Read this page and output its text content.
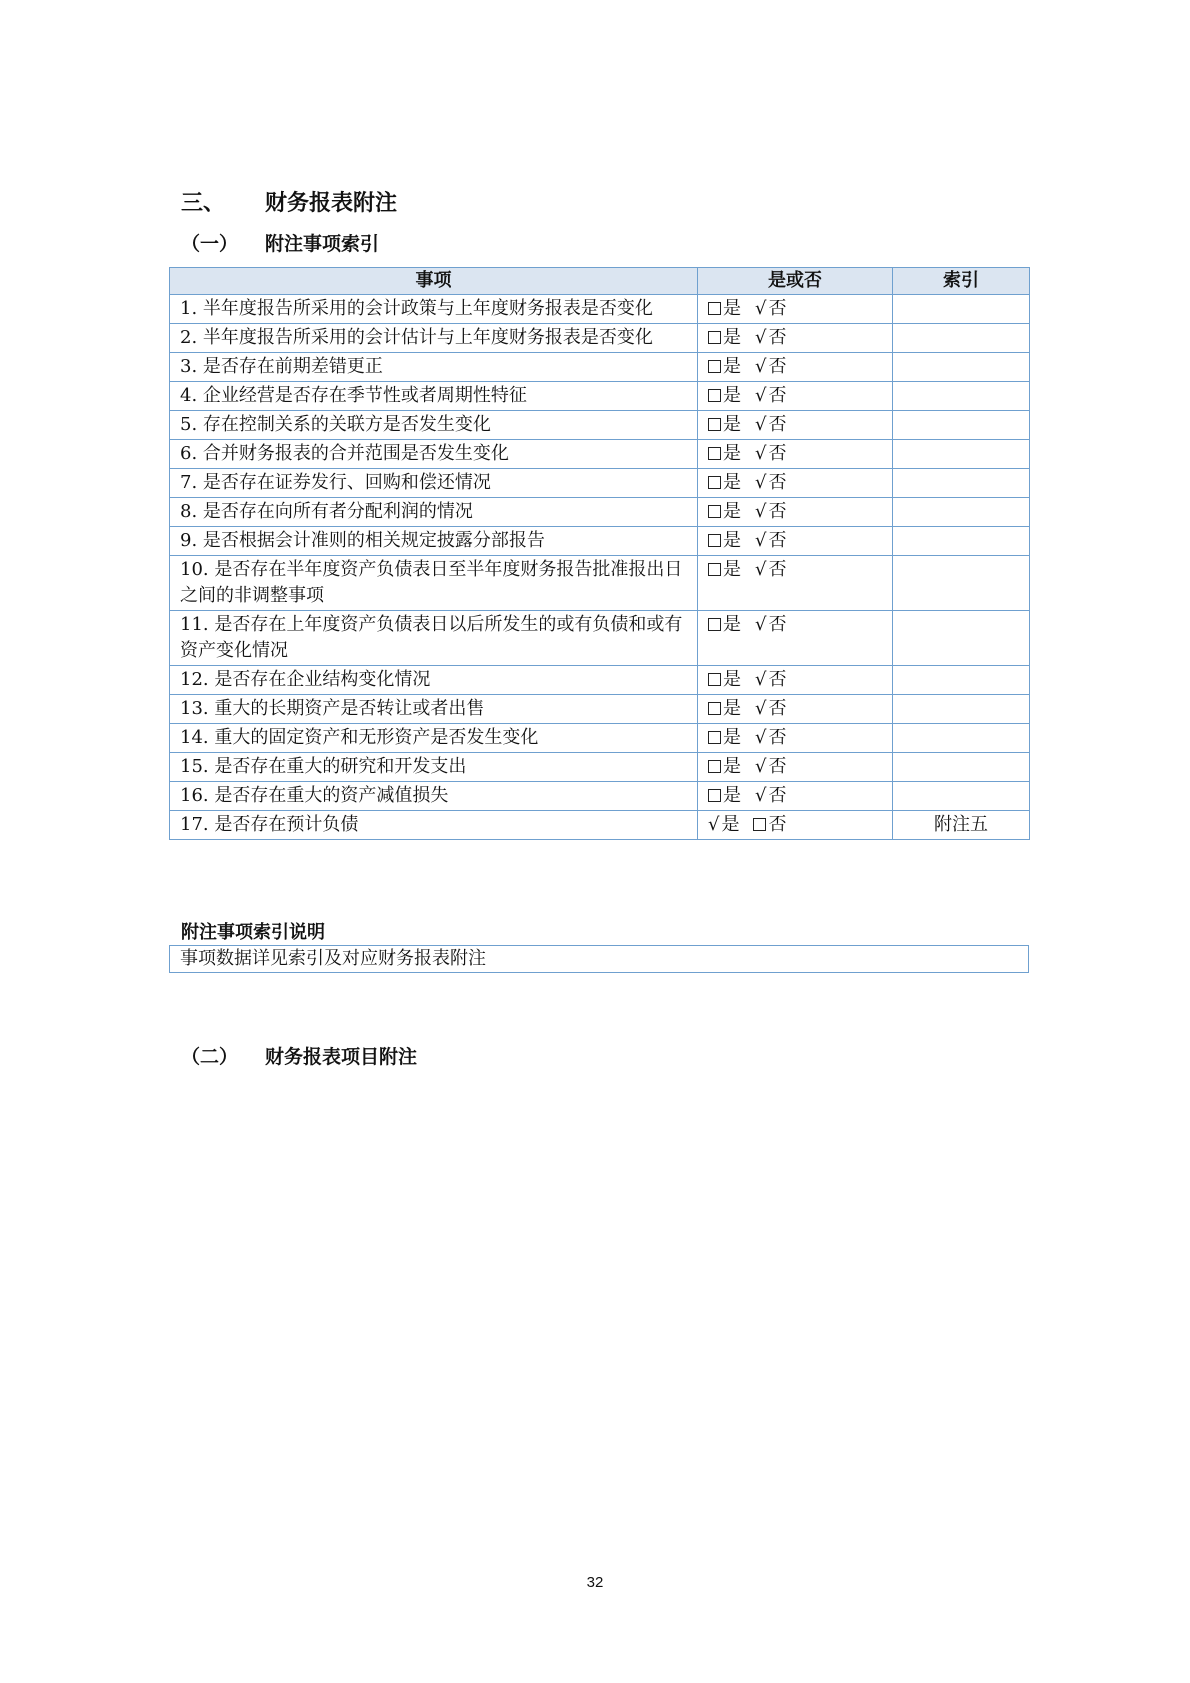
三、 财务报表附注
（一） 附注事项索引
事项	是或否	索引
1. 半年度报告所采用的会计政策与上年度财务报表是否变化	是 √ 否	
2. 半年度报告所采用的会计估计与上年度财务报表是否变化	是 √ 否	
3. 是否存在前期差错更正	是 √ 否	
4. 企业经营是否存在季节性或者周期性特征	是 √ 否	
5. 存在控制关系的关联方是否发生变化	是 √ 否	
6. 合并财务报表的合并范围是否发生变化	是 √ 否	
7. 是否存在证券发行、回购和偿还情况	是 √ 否	
8. 是否存在向所有者分配利润的情况	是 √ 否	
9. 是否根据会计准则的相关规定披露分部报告	是 √ 否	
10. 是否存在半年度资产负债表日至半年度财务报告批准报出日之间的非调整事项	是 √ 否	
11. 是否存在上年度资产负债表日以后所发生的或有负债和或有资产变化情况	是 √ 否	
12. 是否存在企业结构变化情况	是 √ 否	
13. 重大的长期资产是否转让或者出售	是 √ 否	
14. 重大的固定资产和无形资产是否发生变化	是 √ 否	
15. 是否存在重大的研究和开发支出	是 √ 否	
16. 是否存在重大的资产减值损失	是 √ 否	
17. 是否存在预计负债	√ 是 否	附注五
附注事项索引说明
事项数据详见索引及对应财务报表附注
（二） 财务报表项目附注
32
